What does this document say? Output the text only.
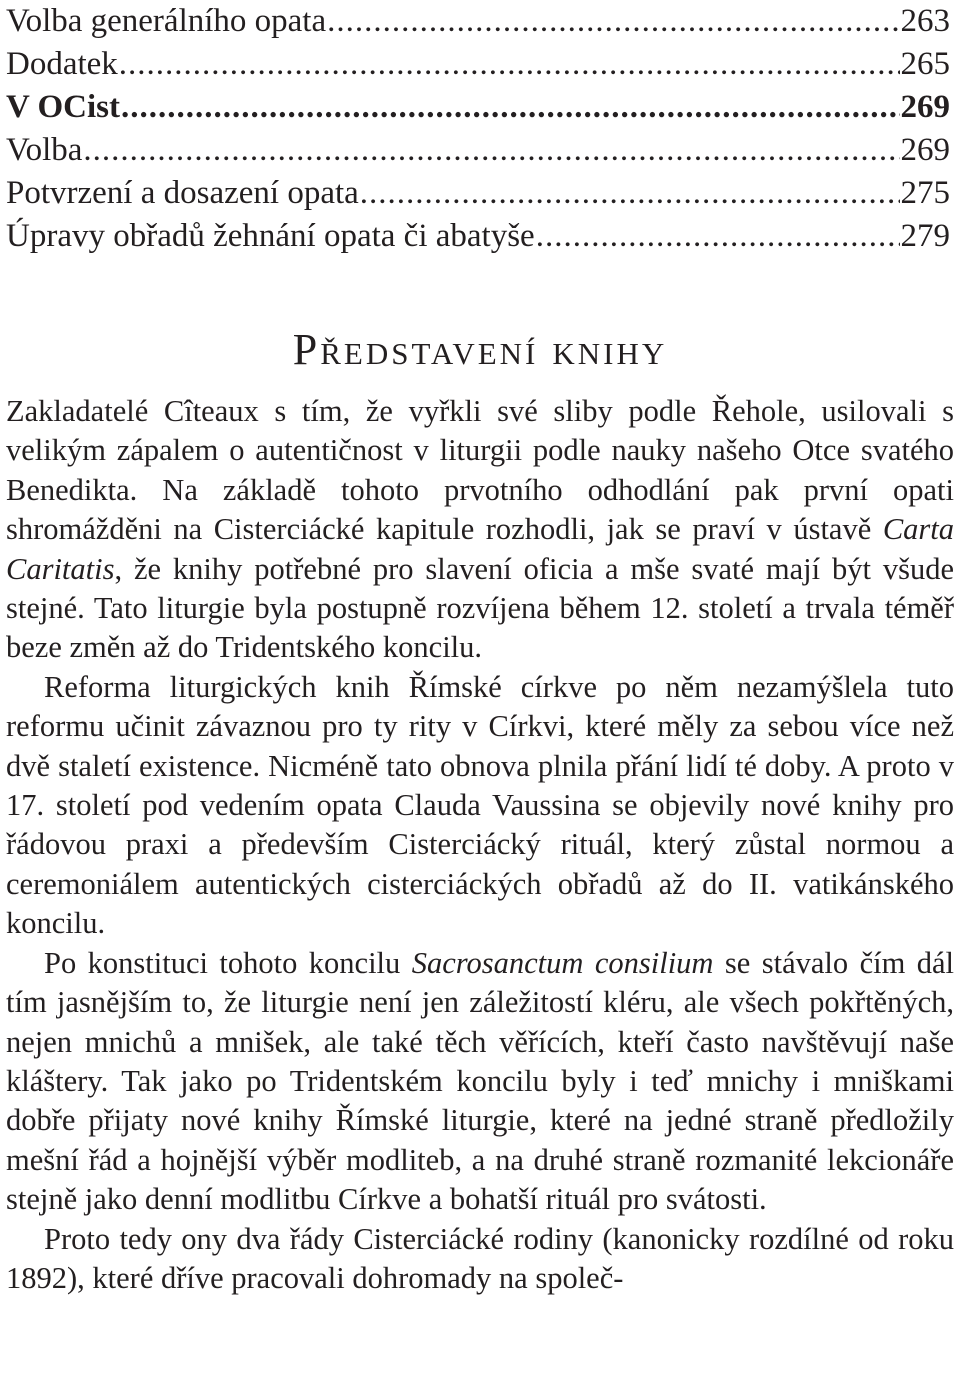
Volba generálního opata .....	263
Dodatek .....	265
V OCist .....	269
Volba .....	269
Potvrzení a dosazení opata .....	275
Úpravy obřadů žehnání opata či abatyše .....	279
Představení knihy

Zakladatelé Cîteaux s tím, že vyřkli své sliby podle Řehole, usilovali s velikým zápalem o autentičnost v liturgii podle nauky našeho Otce svatého Benedikta. Na základě tohoto prvotního odhodlání pak první opati shromážděni na Cisterciácké kapitule rozhodli, jak se praví v ústavě Carta Caritatis, že knihy potřebné pro slavení oficia a mše svaté mají být všude stejné. Tato liturgie byla postupně rozvíjena během 12. století a trvala téměř beze změn až do Tridentského koncilu.

Reforma liturgických knih Římské církve po něm nezamýšlela tuto reformu učinit závaznou pro ty rity v Církvi, které měly za sebou více než dvě staletí existence. Nicméně tato obnova plnila přání lidí té doby. A proto v 17. století pod vedením opata Clauda Vaussina se objevily nové knihy pro řádovou praxi a především Cisterciácký rituál, který zůstal normou a ceremoniálem autentických cisterciáckých obřadů až do II. vatikánského koncilu.

Po konstituci tohoto koncilu Sacrosanctum consilium se stávalo čím dál tím jasnějším to, že liturgie není jen záležitostí kléru, ale všech pokřtěných, nejen mnichů a mnišek, ale také těch věřících, kteří často navštěvují naše kláštery. Tak jako po Tridentském koncilu byly i teď mnichy i mniškami dobře přijaty nové knihy Římské liturgie, které na jedné straně předložily mešní řád a hojnější výběr modliteb, a na druhé straně rozmanité lekcionáře stejně jako denní modlitbu Církve a bohatší rituál pro svátosti.

Proto tedy ony dva řády Cisterciácké rodiny (kanonicky rozdílné od roku 1892), které dříve pracovali dohromady na společ-
